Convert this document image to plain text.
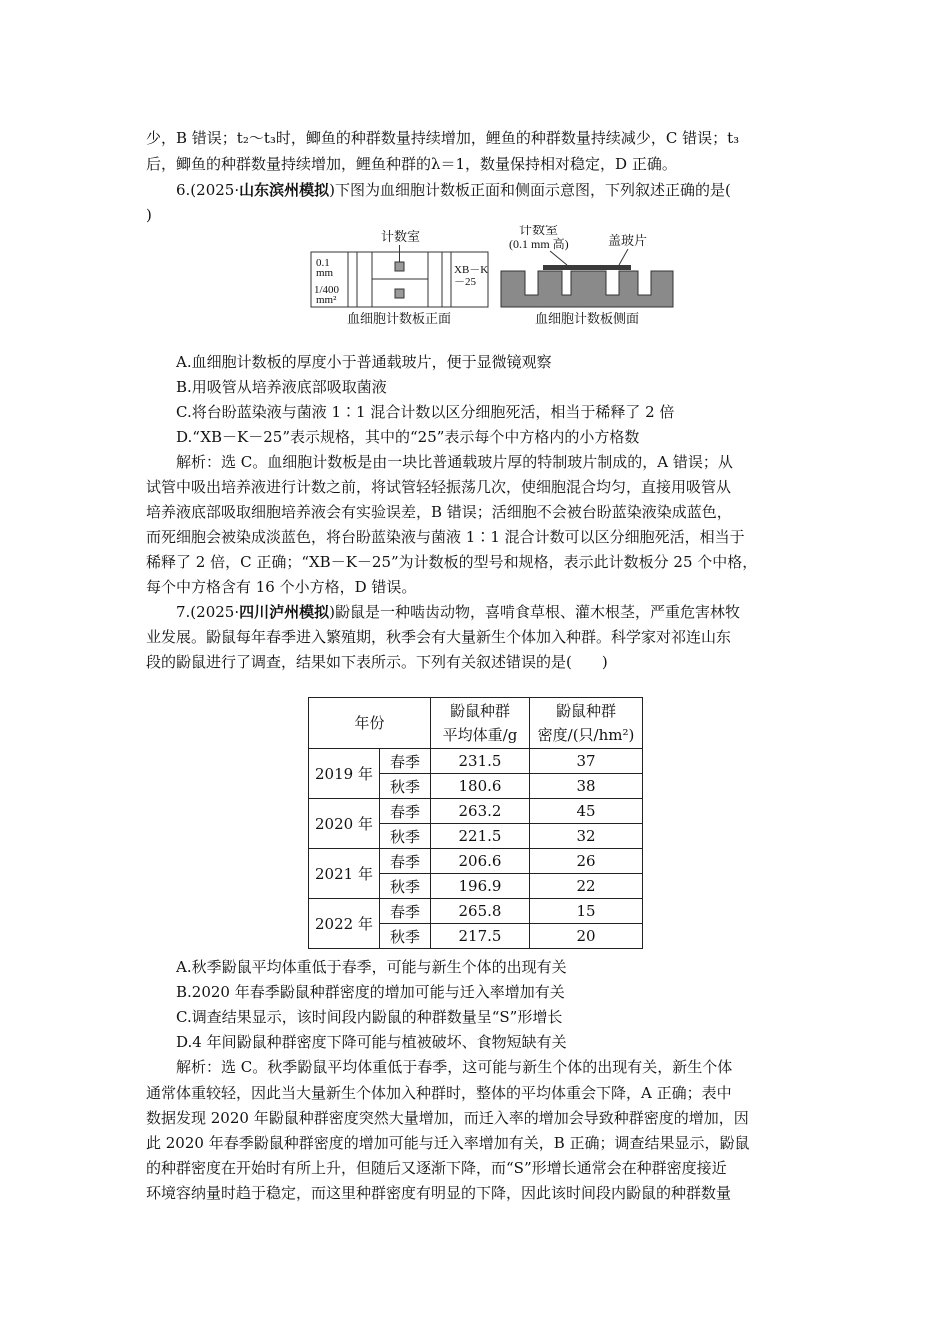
少，B 错误；t₂～t₃时，鲫鱼的种群数量持续增加，鲤鱼的种群数量持续减少，C 错误；t₃
后，鲫鱼的种群数量持续增加，鲤鱼种群的λ＝1，数量保持相对稳定，D 正确。
6.(2025·山东滨州模拟)下图为血细胞计数板正面和侧面示意图，下列叙述正确的是(
)
计数室
0.1
mm
1/400
mm²
XB－K
－25
血细胞计数板正面
计数室
(0.1 mm 高)	盖玻片
血细胞计数板侧面
A.血细胞计数板的厚度小于普通载玻片，便于显微镜观察
B.用吸管从培养液底部吸取菌液
C.将台盼蓝染液与菌液 1∶1 混合计数以区分细胞死活，相当于稀释了 2 倍
D.“XB－K－25”表示规格，其中的“25”表示每个中方格内的小方格数
解析：选 C。血细胞计数板是由一块比普通载玻片厚的特制玻片制成的，A 错误；从
试管中吸出培养液进行计数之前，将试管轻轻振荡几次，使细胞混合均匀，直接用吸管从
培养液底部吸取细胞培养液会有实验误差，B 错误；活细胞不会被台盼蓝染液染成蓝色，
而死细胞会被染成淡蓝色，将台盼蓝染液与菌液 1∶1 混合计数可以区分细胞死活，相当于
稀释了 2 倍，C 正确；“XB－K－25”为计数板的型号和规格，表示此计数板分 25 个中格，
每个中方格含有 16 个小方格，D 错误。
7.(2025·四川泸州模拟)鼢鼠是一种啮齿动物，喜啃食草根、灌木根茎，严重危害林牧
业发展。鼢鼠每年春季进入繁殖期，秋季会有大量新生个体加入种群。科学家对祁连山东
段的鼢鼠进行了调查，结果如下表所示。下列有关叙述错误的是(　　)
年份		鼢鼠种群
平均体重/g	鼢鼠种群
密度/(只/hm²)
2019 年	春季	231.5	37
	秋季	180.6	38
2020 年	春季	263.2	45
	秋季	221.5	32
2021 年	春季	206.6	26
	秋季	196.9	22
2022 年	春季	265.8	15
	秋季	217.5	20
A.秋季鼢鼠平均体重低于春季，可能与新生个体的出现有关
B.2020 年春季鼢鼠种群密度的增加可能与迁入率增加有关
C.调查结果显示，该时间段内鼢鼠的种群数量呈“S”形增长
D.4 年间鼢鼠种群密度下降可能与植被破坏、食物短缺有关
解析：选 C。秋季鼢鼠平均体重低于春季，这可能与新生个体的出现有关，新生个体
通常体重较轻，因此当大量新生个体加入种群时，整体的平均体重会下降，A 正确；表中
数据发现 2020 年鼢鼠种群密度突然大量增加，而迁入率的增加会导致种群密度的增加，因
此 2020 年春季鼢鼠种群密度的增加可能与迁入率增加有关，B 正确；调查结果显示，鼢鼠
的种群密度在开始时有所上升，但随后又逐渐下降，而“S”形增长通常会在种群密度接近
环境容纳量时趋于稳定，而这里种群密度有明显的下降，因此该时间段内鼢鼠的种群数量
